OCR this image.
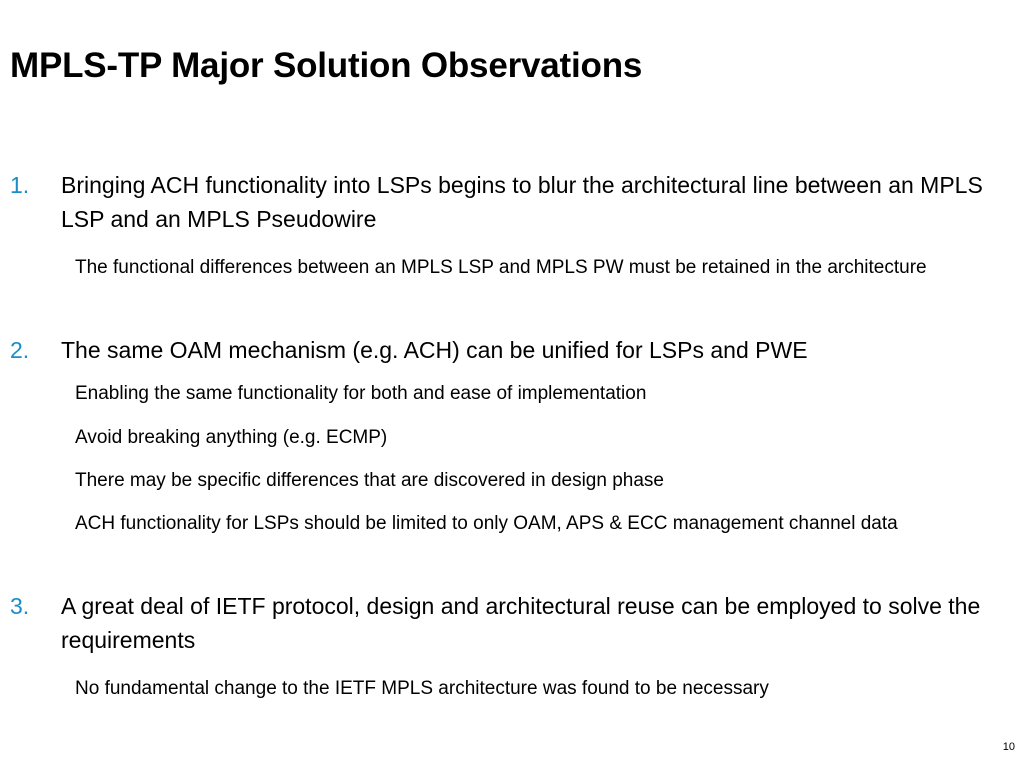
MPLS-TP Major Solution Observations
1. Bringing ACH functionality into LSPs begins to blur the architectural line between an MPLS LSP and an MPLS Pseudowire
The functional differences between an MPLS LSP and MPLS PW must be retained in the architecture
2. The same OAM mechanism (e.g. ACH) can be unified for LSPs and PWE
Enabling the same functionality for both and ease of implementation
Avoid breaking anything (e.g. ECMP)
There may be specific differences that are discovered in design phase
ACH functionality for LSPs should be limited to only OAM, APS & ECC management channel data
3. A great deal of IETF protocol, design and architectural reuse can be employed to solve the requirements
No fundamental change to the IETF MPLS architecture was found to be necessary
10
